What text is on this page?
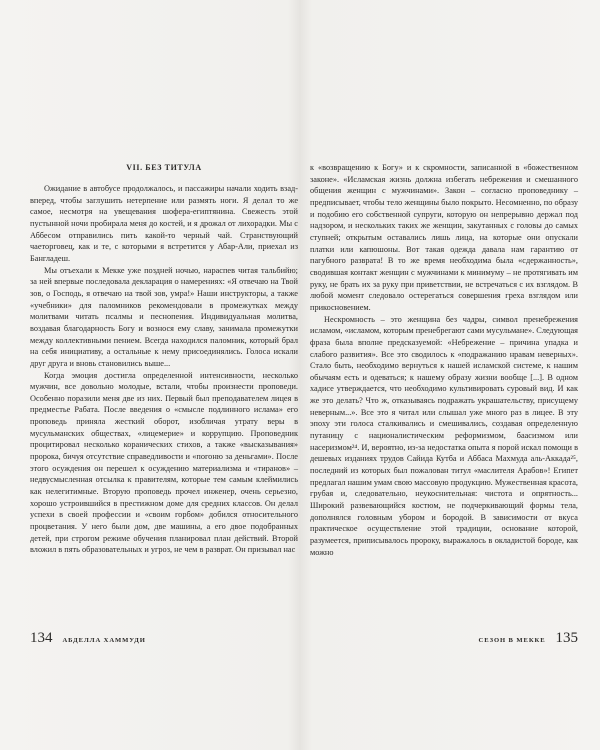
VII. БЕЗ ТИТУЛА

Ожидание в автобусе продолжалось, и пассажиры начали ходить взад-вперед, чтобы заглушить нетерпение или размять ноги. Я делал то же самое, несмотря на увещевания шофера-египтянина. Свежесть этой пустынной ночи пробирала меня до костей, и я дрожал от лихорадки. Мы с Аббесом отправились пить какой-то черный чай. Странствующий чаеторговец, как и те, с которыми я встретится у Абар-Али, приехал из Бангладеш.

Мы отъехали к Мекке уже поздней ночью, нараспев читая тальбийю; за ней впервые последовала декларация о намерениях: «Я отвечаю на Твой зов, о Господь, я отвечаю на твой зов, умра!» Наши инструкторы, а также «учебники» для паломников рекомендовали в промежутках между молитвами читать псалмы и песнопения. Индивидуальная молитва, воздавая благодарность Богу и вознося ему славу, занимала промежутки между коллективными пением. Всегда находился паломник, который брал на себя инициативу, а остальные к нему присоединялись. Голоса искали друг друга и вновь становились выше...

Когда эмоция достигла определенной интенсивности, несколько мужчин, все довольно молодые, встали, чтобы произнести проповеди. Особенно поразили меня две из них. Первый был преподавателем лицея в предместье Рабата. После введения о «смысле подлинного ислама» его проповедь приняла жесткий оборот, изобличая утрату веры в мусульманских обществах, «лицемерие» и коррупцию. Проповедник процитировал несколько коранических стихов, а также «высказывания» пророка, бичуя отсутствие справедливости и «погоню за деньгами». После этого осуждения он перешел к осуждению материализма и «тиранов» – недвусмысленная отсылка к правителям, которые тем самым клеймились как нелегитимные. Вторую проповедь прочел инженер, очень серьезно, хорошо устроившийся в престижном доме для средних классов. Он делал успехи в своей профессии и «своим горбом» добился относительного процветания. У него были дом, две машины, а его двое подобранных детей, при строгом режиме обучения планировал план действий. Второй вложил в пять образовательных и угроз, не чем в разврат. Он призывал нас

134 АБДЕЛЛА ХАММУДИ

к «возвращению к Богу» и к скромности, записанной в «божественном законе». «Исламская жизнь должна избегать небрежения и смешанного общения женщин с мужчинами». Закон – согласно проповеднику – предписывает, чтобы тело женщины было покрыто. Несомненно, по образу и подобию его собственной супруги, которую он непрерывно держал под надзором, и нескольких таких же женщин, закутанных с головы до самых ступней; открытым оставались лишь лица, на которые они опускали платки или капюшоны. Вот такая одежда давала нам гарантию от пагубного разврата! В то же время необходима была «сдержанность», сводившая контакт женщин с мужчинами к минимуму – не протягивать им руку, не брать их за руку при приветствии, не встречаться с их взглядом. В любой момент следовало остерегаться совершения греха взглядом или прикосновением.

Нескромность – это женщина без чадры, символ пренебрежения исламом, «исламом, которым пренебрегают сами мусульмане». Следующая фраза была вполне предсказуемой: «Небрежение – причина упадка и слабого развития». Все это сводилось к «подражанию нравам неверных». Стало быть, необходимо вернуться к нашей исламской системе, к нашим обычаям есть и одеваться; к нашему образу жизни вообще [...]. В одном хадисе утверждается, что необходимо культивировать суровый вид. И как же это делать? Что ж, отказываясь подражать украшательству, присущему неверным...». Все это я читал или слышал уже много раз в лицее. В эту эпоху эти голоса сталкивались и смешивались, создавая определенную путаницу с националистическим реформизмом, баасизмом или насеризмом²⁴. И, вероятно, из-за недостатка опыта я порой искал помощи в дешевых изданиях трудов Сайида Кутба и Аббаса Махмуда аль-Аккада²⁵, последний из которых был пожалован титул «маслителя Арабов»! Египет предлагал нашим умам свою массовую продукцию. Мужественная красота, грубая и, следовательно, неукоснительная: чистота и опрятность... Широкий развевающийся костюм, не подчеркивающий формы тела, дополнялся головным убором и бородой. В зависимости от вкуса практическое осуществление этой традиции, основание которой, разумеется, приписывалось пророку, выражалось в окладистой бороде, как можно

СЕЗОН В МЕККЕ 135
